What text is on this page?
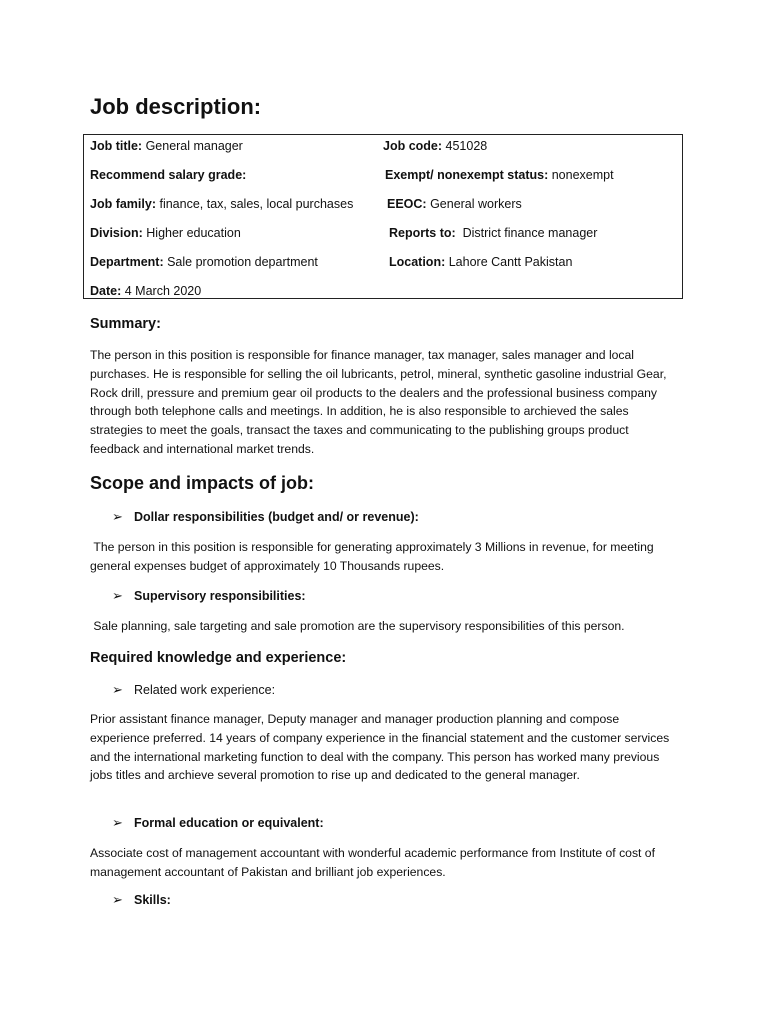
Job description:
Job title: General manager	Job code: 451028
Recommend salary grade:	Exempt/ nonexempt status: nonexempt
Job family: finance, tax, sales, local purchases	EEOC: General workers
Division: Higher education	Reports to:  District finance manager
Department: Sale promotion department	Location: Lahore Cantt Pakistan
Date: 4 March 2020
Summary:

The person in this position is responsible for finance manager, tax manager, sales manager and local purchases. He is responsible for selling the oil lubricants, petrol, mineral, synthetic gasoline industrial Gear, Rock drill, pressure and premium gear oil products to the dealers and the professional business company through both telephone calls and meetings. In addition, he is also responsible to archieved the sales strategies to meet the goals, transact the taxes and communicating to the publishing groups product feedback and international market trends.

Scope and impacts of job:
➢ Dollar responsibilities (budget and/ or revenue):

The person in this position is responsible for generating approximately 3 Millions in revenue, for meeting general expenses budget of approximately 10 Thousands rupees.

➢ Supervisory responsibilities:

Sale planning, sale targeting and sale promotion are the supervisory responsibilities of this person.

Required knowledge and experience:
➢ Related work experience:

Prior assistant finance manager, Deputy manager and manager production planning and compose experience preferred. 14 years of company experience in the financial statement and the customer services and the international marketing function to deal with the company. This person has worked many previous jobs titles and archieve several promotion to rise up and dedicated to the general manager.

➢ Formal education or equivalent:

Associate cost of management accountant with wonderful academic performance from Institute of cost of management accountant of Pakistan and brilliant job experiences.

➢ Skills:
